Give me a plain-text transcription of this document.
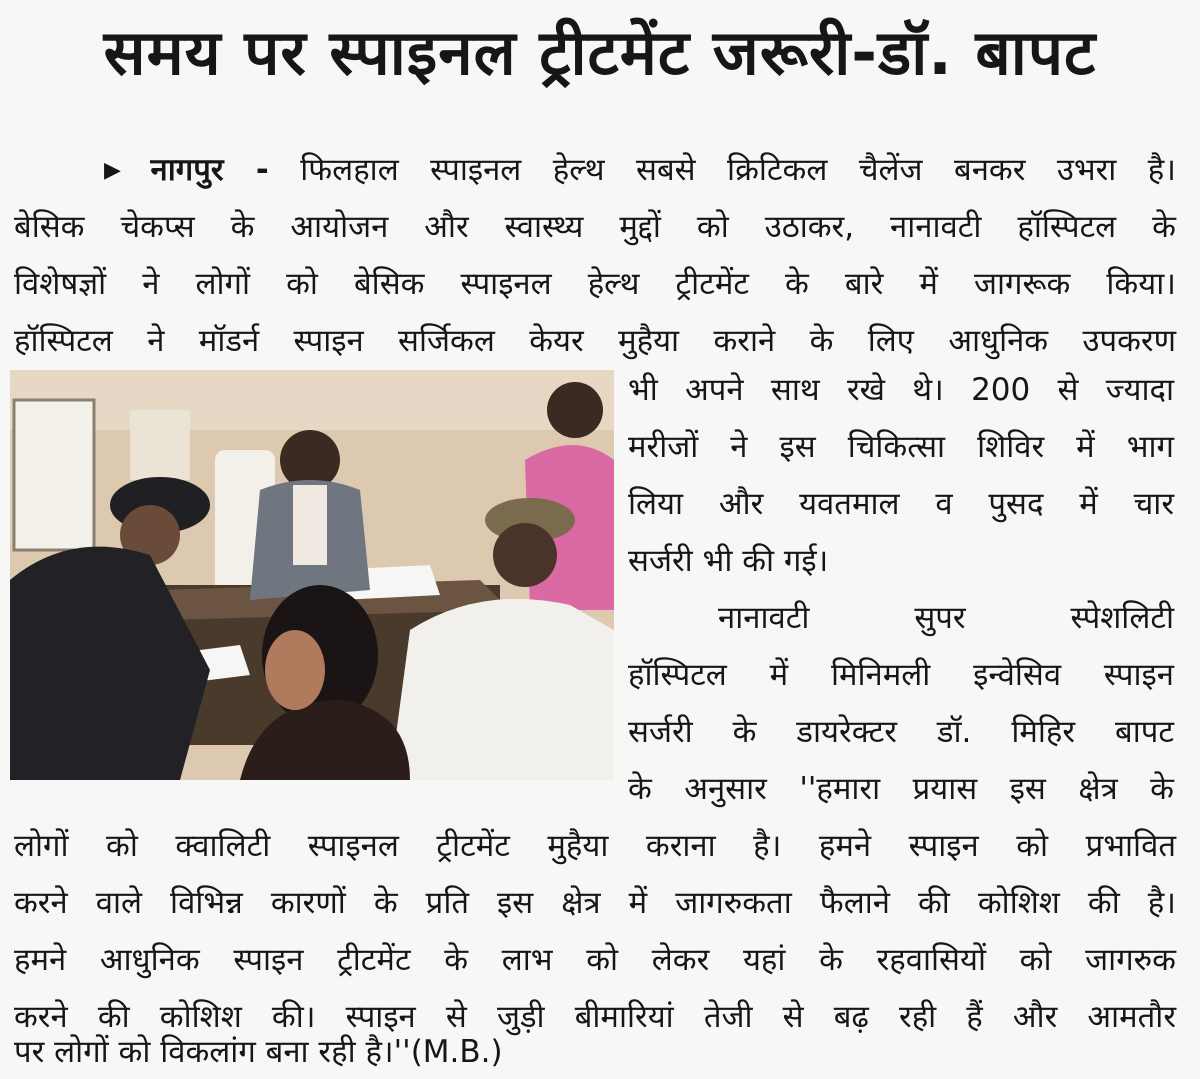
समय पर स्पाइनल ट्रीटमेंट जरूरी-डॉ. बापट
▶ नागपुर - फिलहाल स्पाइनल हेल्थ सबसे क्रिटिकल चैलेंज बनकर उभरा है।
बेसिक चेकप्स के आयोजन और स्वास्थ्य मुद्दों को उठाकर, नानावटी हॉस्पिटल के
विशेषज्ञों ने लोगों को बेसिक स्पाइनल हेल्थ ट्रीटमेंट के बारे में जागरूक किया।
हॉस्पिटल ने मॉडर्न स्पाइन सर्जिकल केयर मुहैया कराने के लिए आधुनिक उपकरण
भी अपने साथ रखे थे। 200 से ज्यादा
मरीजों ने इस चिकित्सा शिविर में भाग
लिया और यवतमाल व पुसद में चार
सर्जरी भी की गई।
नानावटी सुपर स्पेशलिटी
हॉस्पिटल में मिनिमली इन्वेसिव स्पाइन
सर्जरी के डायरेक्टर डॉ. मिहिर बापट
के अनुसार ''हमारा प्रयास इस क्षेत्र के
लोगों को क्वालिटी स्पाइनल ट्रीटमेंट मुहैया कराना है। हमने स्पाइन को प्रभावित
करने वाले विभिन्न कारणों के प्रति इस क्षेत्र में जागरुकता फैलाने की कोशिश की है।
हमने आधुनिक स्पाइन ट्रीटमेंट के लाभ को लेकर यहां के रहवासियों को जागरुक
करने की कोशिश की। स्पाइन से जुड़ी बीमारियां तेजी से बढ़ रही हैं और आमतौर
पर लोगों को विकलांग बना रही है।''(M.B.)
